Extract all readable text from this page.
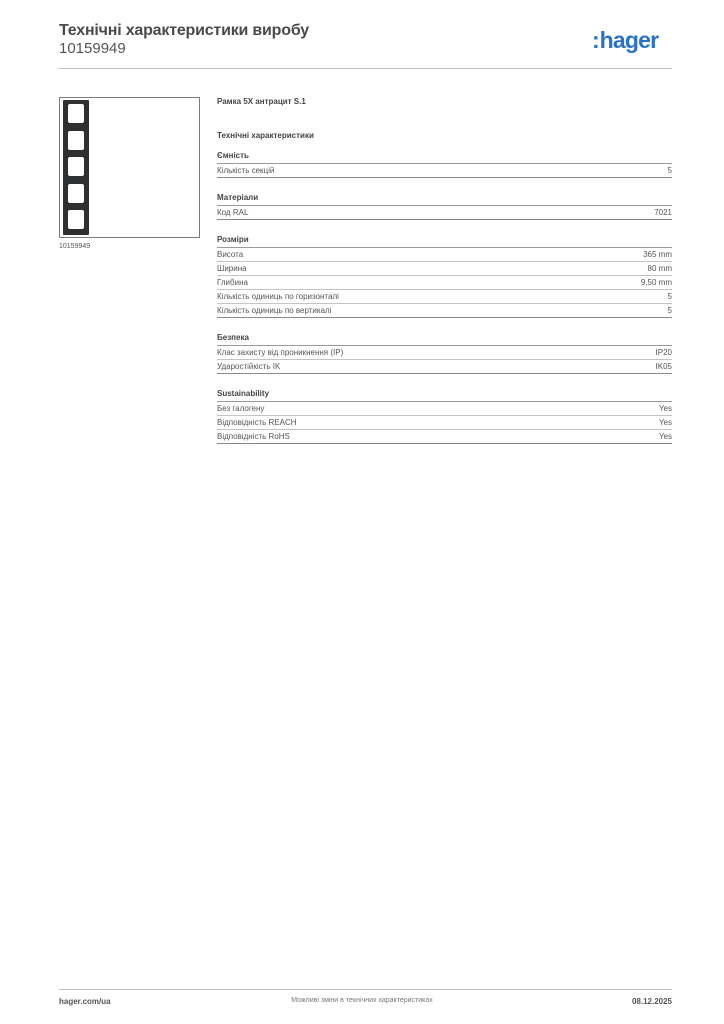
Технічні характеристики виробу
10159949	:hager
10159949
Рамка 5X антрацит S.1
Технічні характеристики
Ємність
Кількість секцій	5
Матеріали
Код RAL	7021
Розміри
Висота	365 mm
Ширина	80 mm
Глибина	9,50 mm
Кількість одиниць по горизонталі	5
Кількість одиниць по вертикалі	5
Безпека
Клас захисту від проникнення (IP)	IP20
Ударостійкість IK	IK05
Sustainability
Без галогену	Yes
Відповідність REACH	Yes
Відповідність RoHS	Yes
hager.com/ua	Можливі зміни в технічних характеристиках	08.12.2025
